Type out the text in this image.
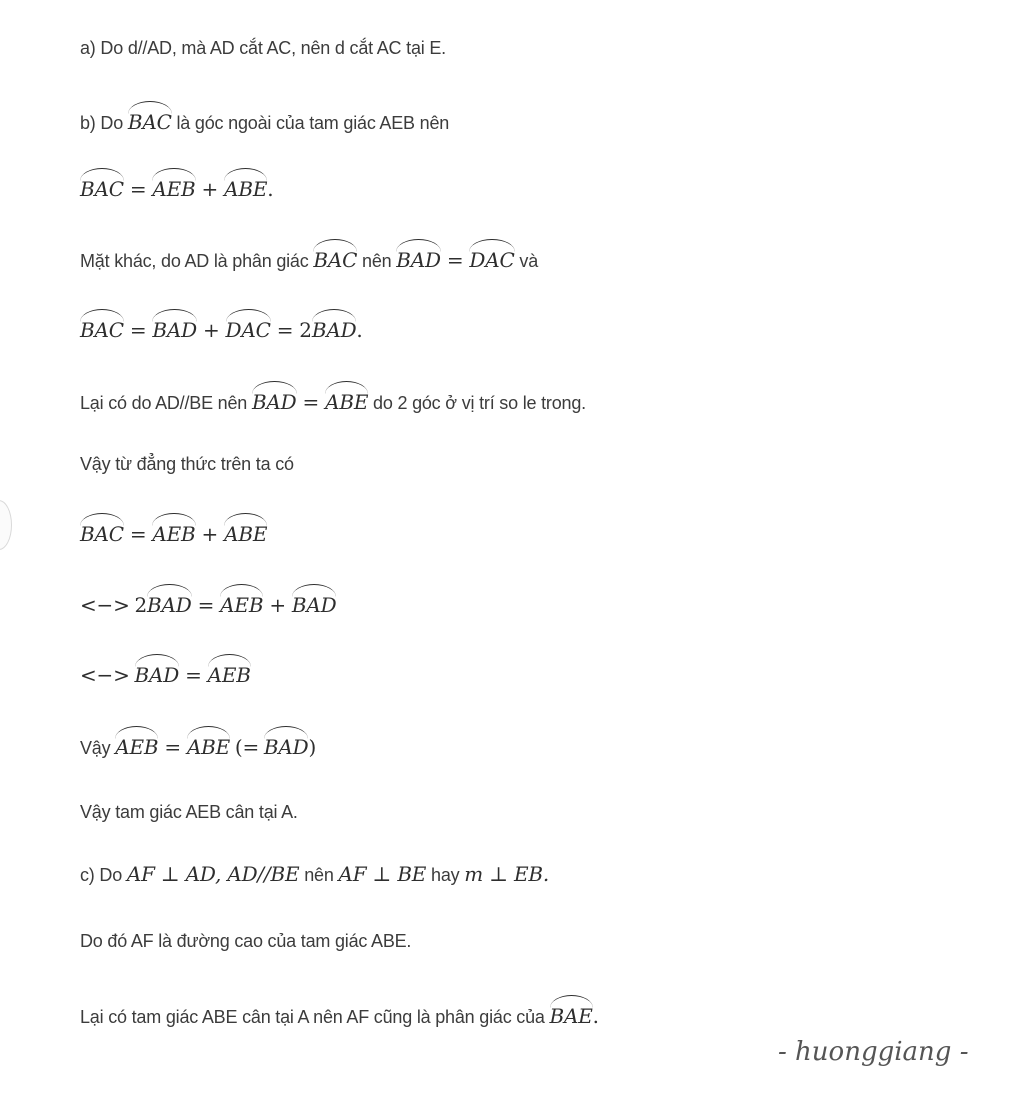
a) Do d//AD, mà AD cắt AC, nên d cắt AC tại E.
b) Do BAC là góc ngoài của tam giác AEB nên
BAC = AEB + ABE.
Mặt khác, do AD là phân giác BAC nên BAD = DAC và
BAC = BAD + DAC = 2BAD.
Lại có do AD//BE nên BAD = ABE do 2 góc ở vị trí so le trong.
Vậy từ đẳng thức trên ta có
BAC = AEB + ABE
<−> 2BAD = AEB + BAD
<−> BAD = AEB
Vậy AEB = ABE (= BAD)
Vậy tam giác AEB cân tại A.
c) Do AF ⊥ AD, AD//BE nên AF ⊥ BE hay m ⊥ EB.
Do đó AF là đường cao của tam giác ABE.
Lại có tam giác ABE cân tại A nên AF cũng là phân giác của BAE.
- huonggiang -
